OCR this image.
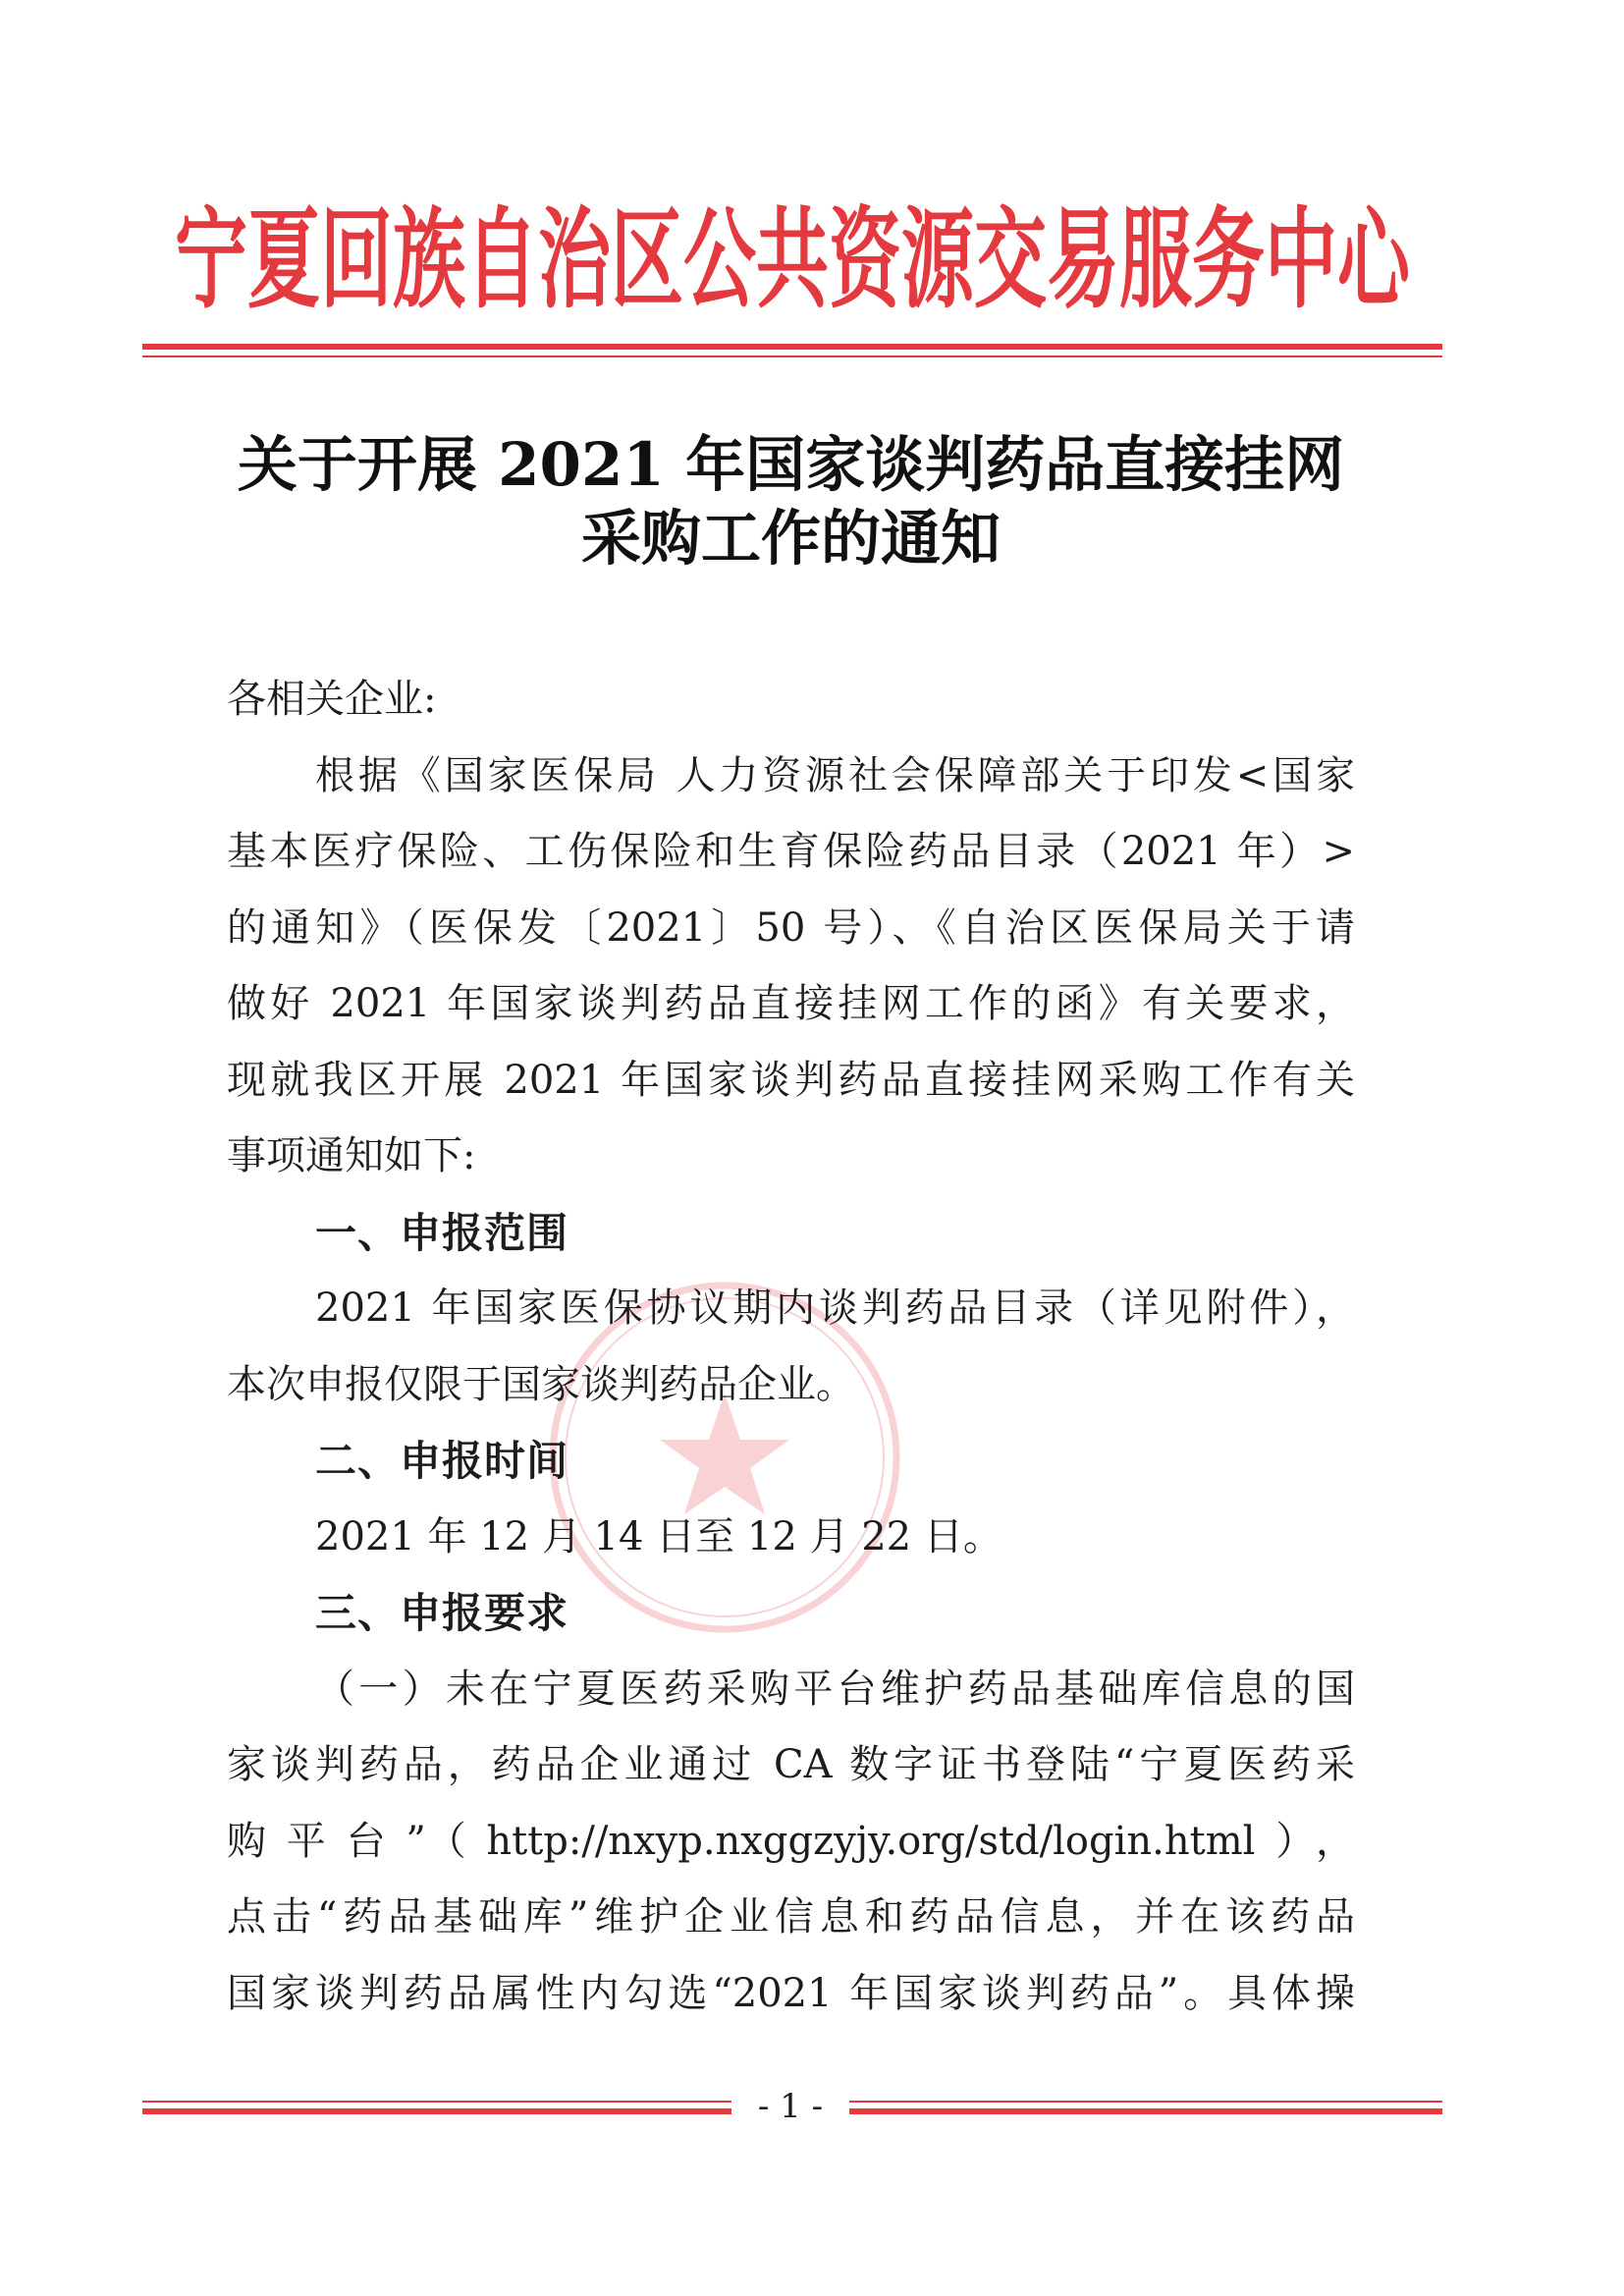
宁夏回族自治区公共资源交易服务中心
关于开展 2021 年国家谈判药品直接挂网
采购工作的通知
各相关企业:
根据《国家医保局 人力资源社会保障部关于印发<国家
基本医疗保险、工伤保险和生育保险药品目录（2021 年）>
的通知》（医保发〔2021〕50 号）、《自治区医保局关于请
做好 2021 年国家谈判药品直接挂网工作的函》有关要求，
现就我区开展 2021 年国家谈判药品直接挂网采购工作有关
事项通知如下:
一、申报范围
2021 年国家医保协议期内谈判药品目录（详见附件），
本次申报仅限于国家谈判药品企业。
二、申报时间
2021 年 12 月 14 日至 12 月 22 日。
三、申报要求
（一）未在宁夏医药采购平台维护药品基础库信息的国
家谈判药品，药品企业通过 CA 数字证书登陆“宁夏医药采
购平台”（http://nxyp.nxggzyjy.org/std/login.html），
点击“药品基础库”维护企业信息和药品信息，并在该药品
国家谈判药品属性内勾选“2021 年国家谈判药品”。具体操
- 1 -
